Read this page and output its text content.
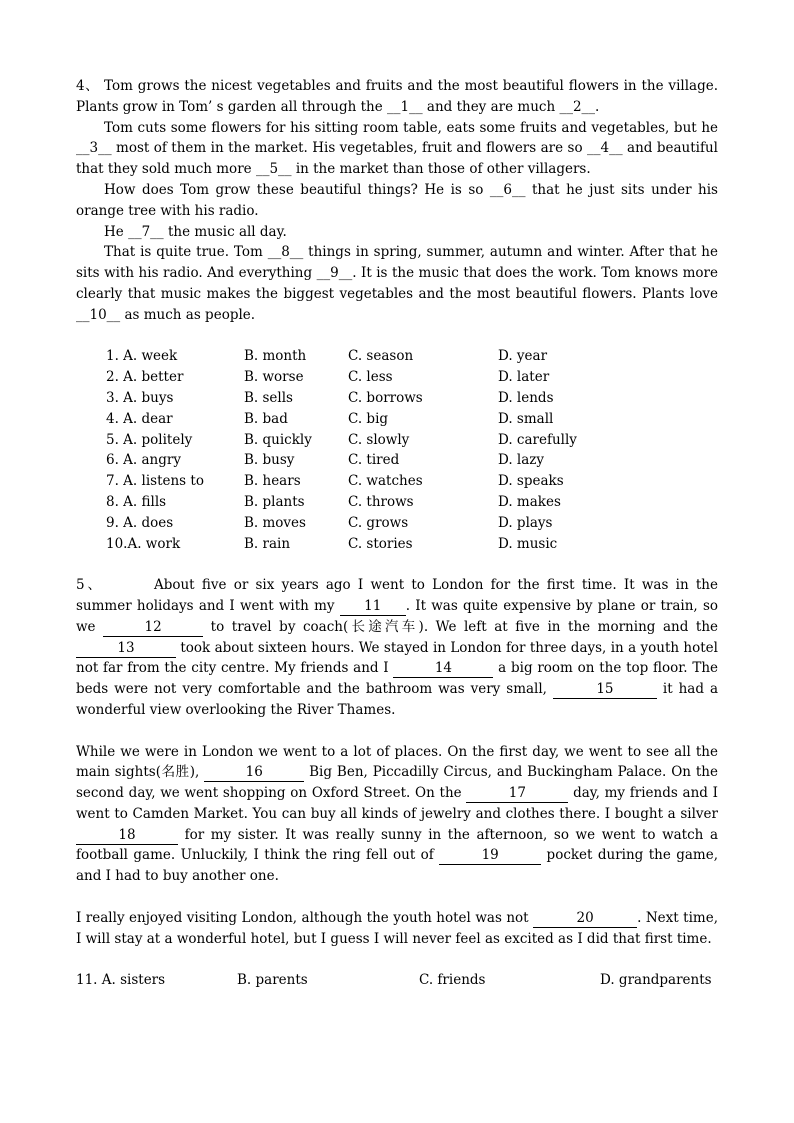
4、 Tom grows the nicest vegetables and fruits and the most beautiful flowers in the village. Plants grow in Tom’ s garden all through the __1__ and they are much __2__.

Tom cuts some flowers for his sitting room table, eats some fruits and vegetables, but he __3__ most of them in the market. His vegetables, fruit and flowers are so __4__ and beautiful that they sold much more __5__ in the market than those of other villagers.

How does Tom grow these beautiful things? He is so __6__ that he just sits under his orange tree with his radio.

He __7__ the music all day.

That is quite true. Tom __8__ things in spring, summer, autumn and winter. After that he sits with his radio. And everything __9__. It is the music that does the work. Tom knows more clearly that music makes the biggest vegetables and the most beautiful flowers. Plants love __10__ as much as people.

1. A. week	B. month	C. season	D. year
2. A. better	B. worse	C. less	D. later
3. A. buys	B. sells	C. borrows	D. lends
4. A. dear	B. bad	C. big	D. small
5. A. politely	B. quickly	C. slowly	D. carefully
6. A. angry	B. busy	C. tired	D. lazy
7. A. listens to	B. hears	C. watches	D. speaks
8. A. fills	B. plants	C. throws	D. makes
9. A. does	B. moves	C. grows	D. plays
10.A. work	B. rain	C. stories	D. music

5、	About five or six years ago I went to London for the first time. It was in the summer holidays and I went with my 11 . It was quite expensive by plane or train, so we	12	to travel by coach(长途汽车). We left at five in the morning and the 13	took about sixteen hours. We stayed in London for three days, in a youth hotel not far from the city centre. My friends and I	14	a big room on the top floor. The beds were not very comfortable and the bathroom was very small,	15	it had a wonderful view overlooking the River Thames.

While we were in London we went to a lot of places. On the first day, we went to see all the main sights(名胜),	16	Big Ben, Piccadilly Circus, and Buckingham Palace. On the second day, we went shopping on Oxford Street. On the	17	day, my friends and I went to Camden Market. You can buy all kinds of jewelry and clothes there. I bought a silver 18	for my sister. It was really sunny in the afternoon, so we went to watch a football game. Unluckily, I think the ring fell out of	19	pocket during the game, and I had to buy another one.

I really enjoyed visiting London, although the youth hotel was not	20	. Next time, I will stay at a wonderful hotel, but I guess I will never feel as excited as I did that first time.

11. A. sisters	B. parents	C. friends	D. grandparents
